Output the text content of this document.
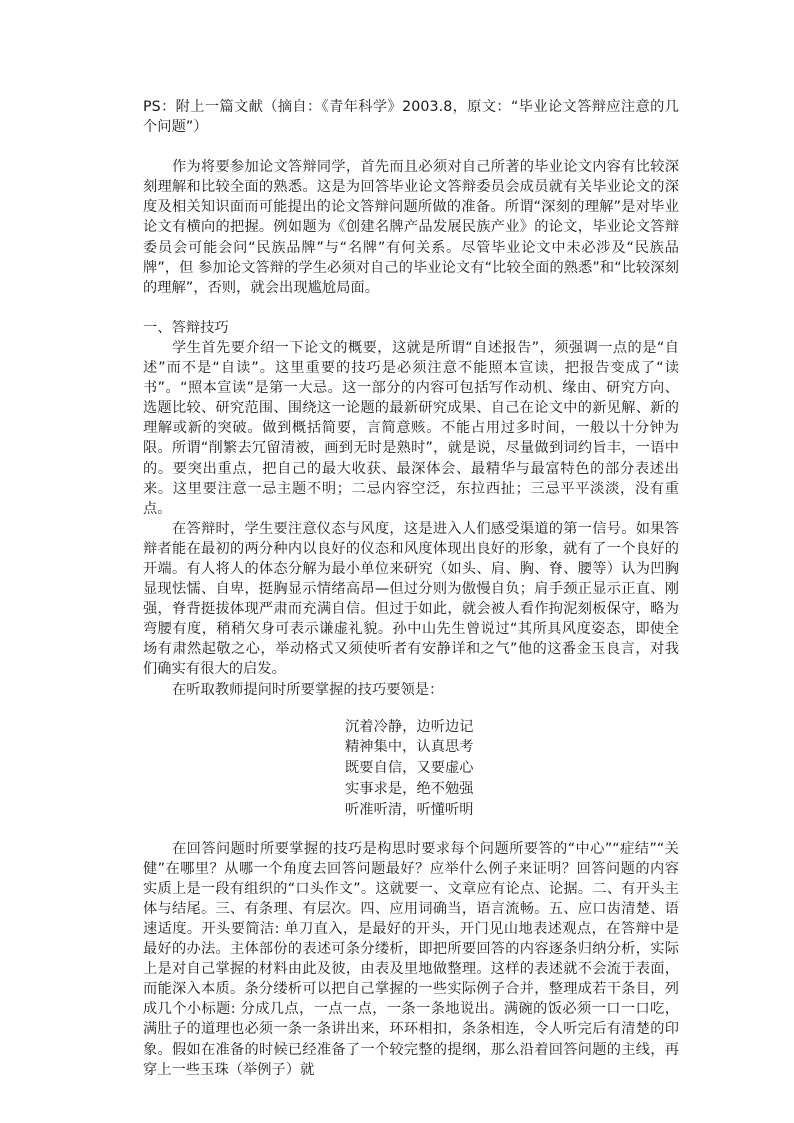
PS：附上一篇文献（摘自：《青年科学》2003.8，原文：“毕业论文答辩应注意的几个问题”）

作为将要参加论文答辩同学，首先而且必须对自己所著的毕业论文内容有比较深刻理解和比较全面的熟悉。这是为回答毕业论文答辩委员会成员就有关毕业论文的深度及相关知识面而可能提出的论文答辩问题所做的准备。所谓“深刻的理解”是对毕业论文有横向的把握。例如题为《创建名牌产品发展民族产业》的论文，毕业论文答辩委员会可能会问“民族品牌”与“名牌”有何关系。尽管毕业论文中未必涉及“民族品牌”，但 参加论文答辩的学生必须对自己的毕业论文有“比较全面的熟悉”和“比较深刻的理解”，否则，就会出现尴尬局面。

一、答辩技巧

学生首先要介绍一下论文的概要，这就是所谓“自述报告”，须强调一点的是“自述”而不是“自读”。这里重要的技巧是必须注意不能照本宣读，把报告变成了“读书”。“照本宣读”是第一大忌。这一部分的内容可包括写作动机、缘由、研究方向、选题比较、研究范围、围绕这一论题的最新研究成果、自己在论文中的新见解、新的理解或新的突破。做到概括简要，言简意赅。不能占用过多时间，一般以十分钟为限。所谓“削繁去冗留清被，画到无时是熟时”，就是说，尽量做到词约旨丰，一语中的。要突出重点，把自己的最大收获、最深体会、最精华与最富特色的部分表述出来。这里要注意一忌主题不明；二忌内容空泛，东拉西扯；三忌平平淡淡，没有重点。

在答辩时，学生要注意仪态与风度，这是进入人们感受渠道的第一信号。如果答辩者能在最初的两分种内以良好的仪态和风度体现出良好的形象，就有了一个良好的开端。有人将人的体态分解为最小单位来研究（如头、肩、胸、脊、腰等）认为凹胸显现怯懦、自卑，挺胸显示情绪高昂—但过分则为傲慢自负；肩手颈正显示正直、刚强，脊背挺拔体现严肃而充满自信。但过于如此，就会被人看作拘泥刻板保守，略为弯腰有度，稍稍欠身可表示谦虚礼貌。孙中山先生曾说过“其所具风度姿态，即使全场有肃然起敬之心，举动格式又须使听者有安静详和之气”他的这番金玉良言，对我们确实有很大的启发。

在听取教师提问时所要掌握的技巧要领是：

沉着冷静，边听边记
精神集中，认真思考
既要自信，又要虚心
实事求是，绝不勉强
听准听清，听懂听明

在回答问题时所要掌握的技巧是构思时要求每个问题所要答的“中心”“症结”“关健”在哪里？从哪一个角度去回答问题最好？应举什么例子来证明？回答问题的内容实质上是一段有组织的“口头作文”。这就要一、文章应有论点、论据。二、有开头主体与结尾。三、有条理、有层次。四、应用词确当，语言流畅。五、应口齿清楚、语速适度。开头要简洁: 单刀直入，是最好的开头，开门见山地表述观点，在答辩中是最好的办法。主体部份的表述可条分缕析，即把所要回答的内容逐条归纳分析，实际上是对自己掌握的材料由此及彼，由表及里地做整理。这样的表述就不会流于表面，而能深入本质。条分缕析可以把自己掌握的一些实际例子合并，整理成若干条目，列成几个小标题: 分成几点，一点一点，一条一条地说出。满碗的饭必须一口一口吃，满肚子的道理也必须一条一条讲出来，环环相扣，条条相连，令人听完后有清楚的印象。假如在准备的时候已经准备了一个较完整的提纲，那么沿着回答问题的主线，再穿上一些玉珠（举例子）就
